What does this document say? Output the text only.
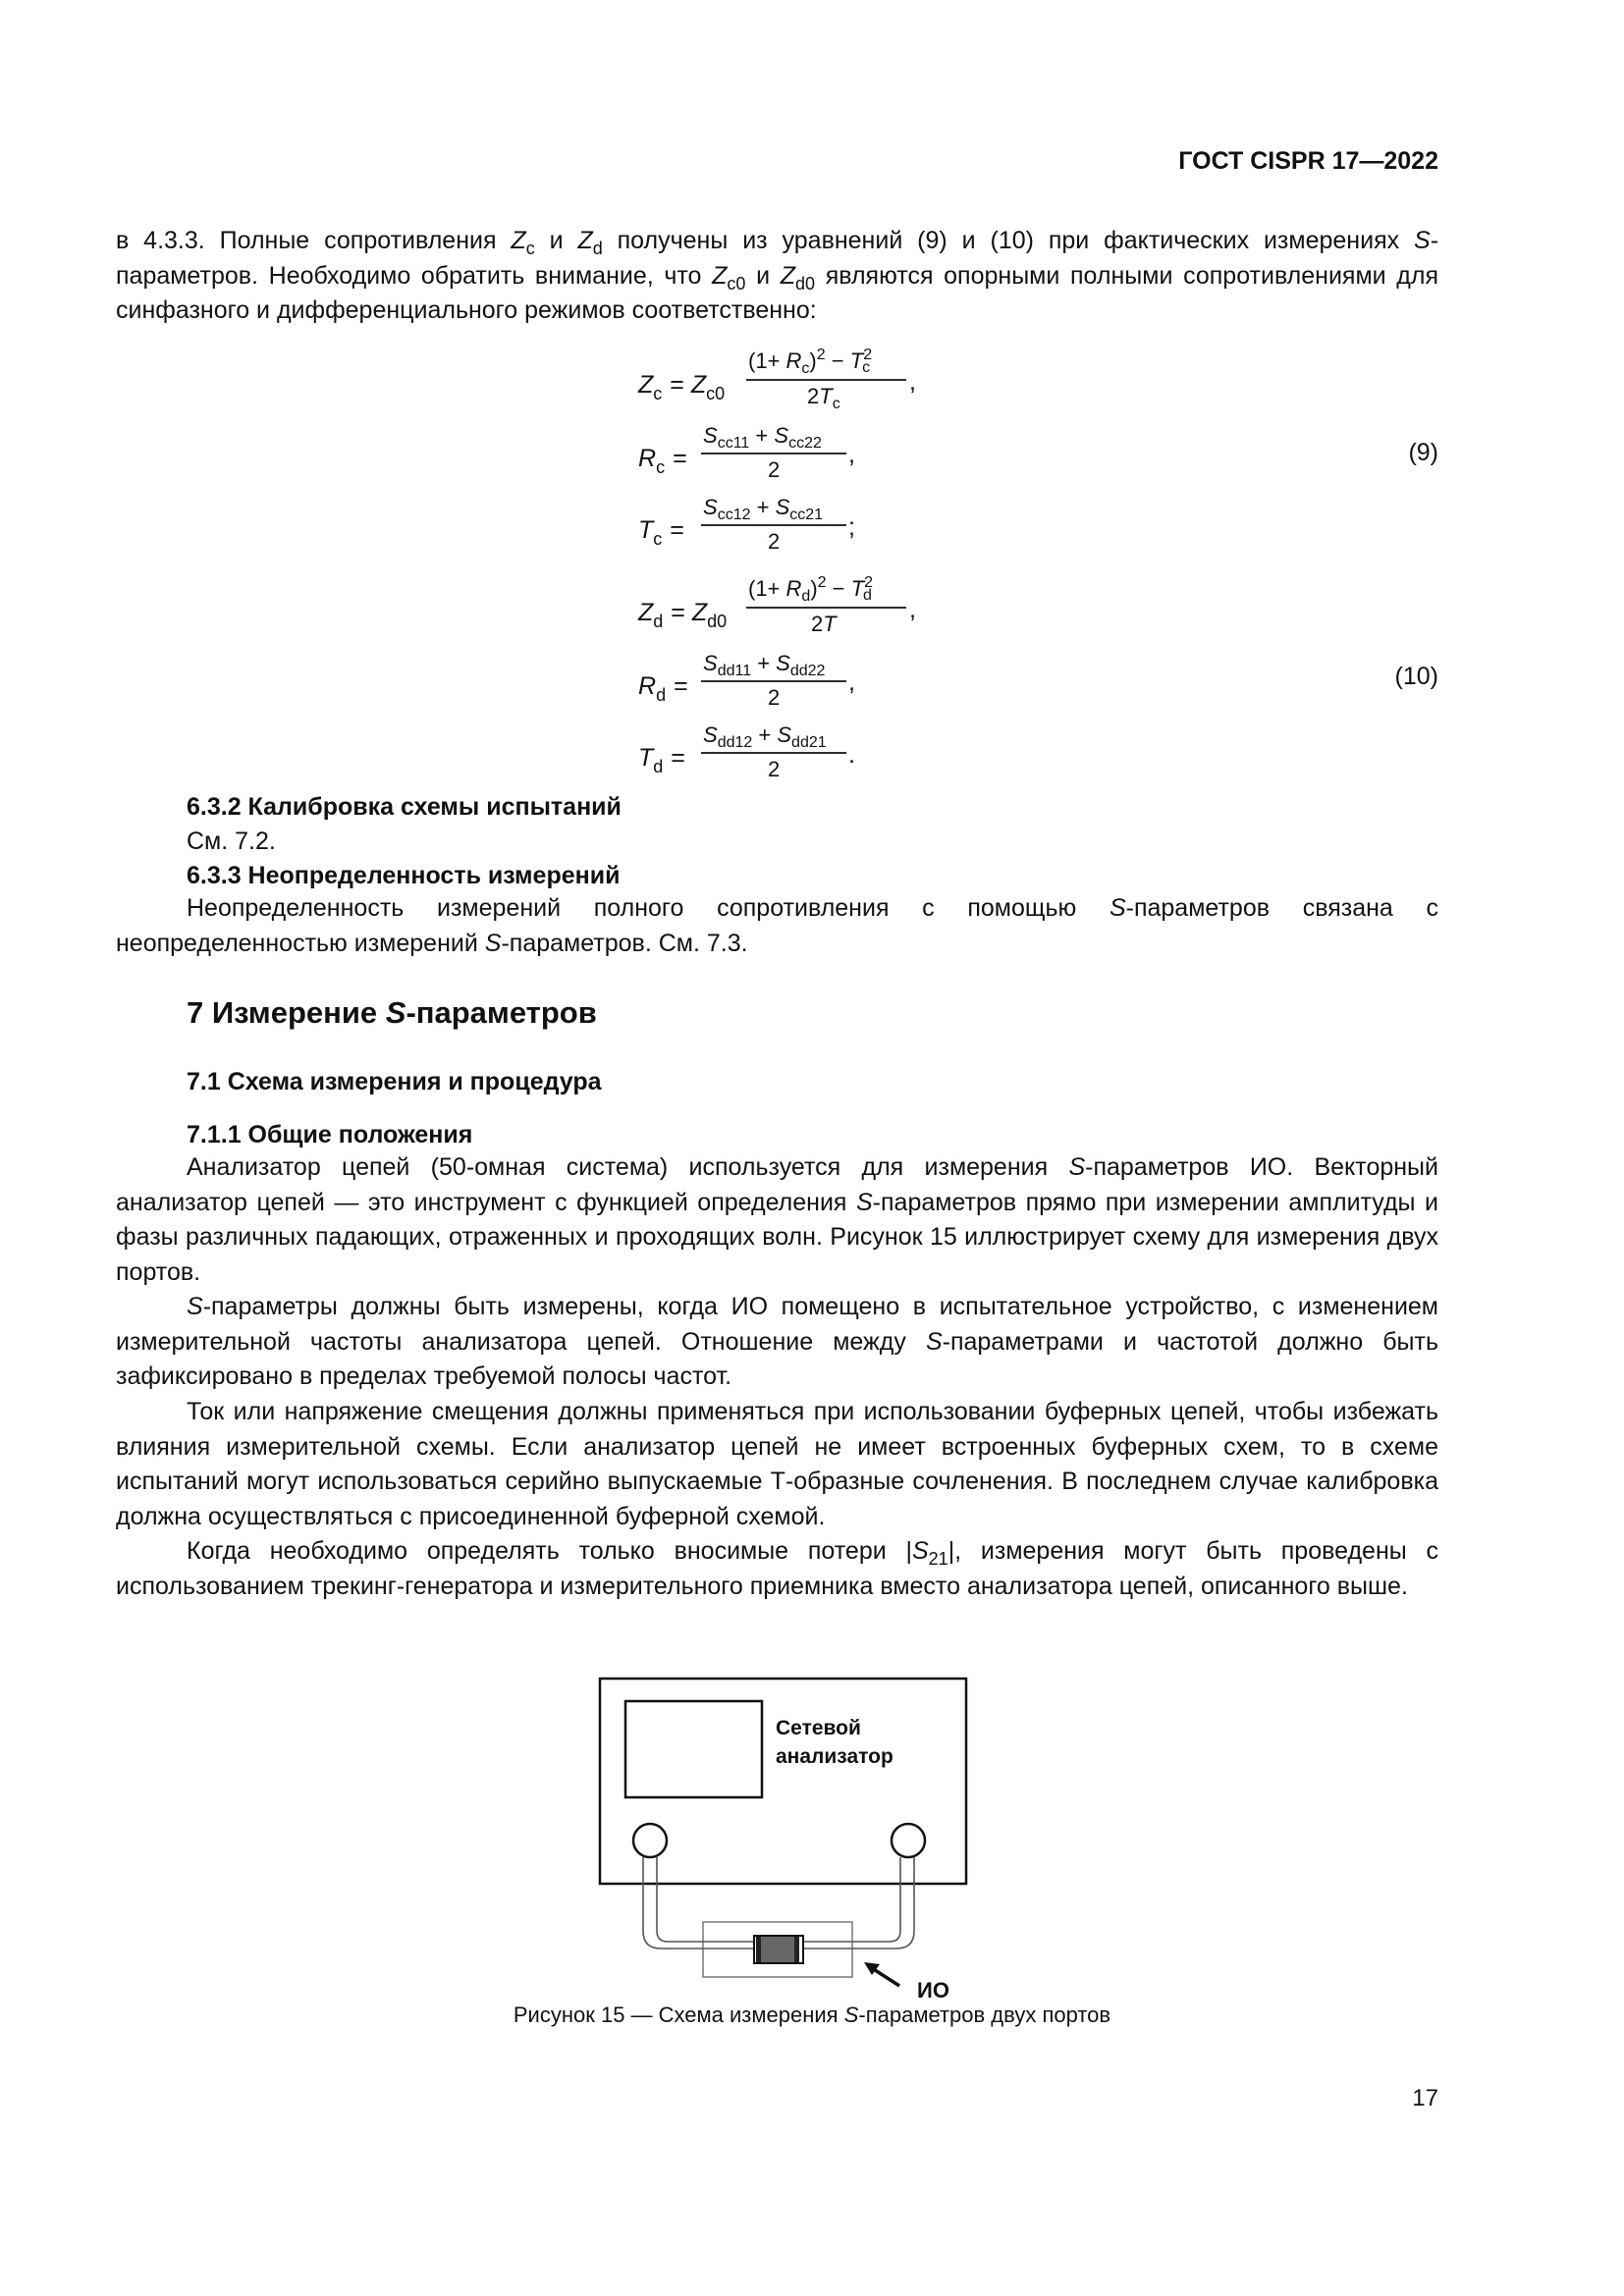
ГОСТ CISPR 17—2022

в 4.3.3. Полные сопротивления $Z_c$ и $Z_d$ получены из уравнений (9) и (10) при фактических измерениях S-параметров. Необходимо обратить внимание, что $Z_{c0}$ и $Z_{d0}$ являются опорными полными сопротивлениями для синфазного и дифференциального режимов соответственно:

$Z_c = Z_{c0}$
$(1+ R_c)^2 - T^2$ c
$2T_c$
,
$R_c$ =
$S_{cc11} + S_{cc22}$
2
,
$T_c$ =
$S_{cc12} + S_{cc21}$
2
;
(9)
$Z_d = Z_{d0}$
$(1+ R_d)^2 - T^2$ d
2T
,
$R_d$ =
$S_{dd11} + S_{dd22}$
2
,
$T_d$ =
$S_{dd12} + S_{dd21}$
2
.
(10)
6.3.2 Калибровка схемы испытаний
См. 7.2.
6.3.3 Неопределенность измерений

Неопределенность измерений полного сопротивления с помощью S-параметров связана с неопределенностью измерений S-параметров. См. 7.3.

7 Измерение S-параметров
7.1 Схема измерения и процедура
7.1.1 Общие положения

Анализатор цепей (50-омная система) используется для измерения S-параметров ИО. Векторный анализатор цепей — это инструмент с функцией определения S-параметров прямо при измерении амплитуды и фазы различных падающих, отраженных и проходящих волн. Рисунок 15 иллюстрирует схему для измерения двух портов.

S-параметры должны быть измерены, когда ИО помещено в испытательное устройство, с изменением измерительной частоты анализатора цепей. Отношение между S-параметрами и частотой должно быть зафиксировано в пределах требуемой полосы частот.

Ток или напряжение смещения должны применяться при использовании буферных цепей, чтобы избежать влияния измерительной схемы. Если анализатор цепей не имеет встроенных буферных схем, то в схеме испытаний могут использоваться серийно выпускаемые Т-образные сочленения. В последнем случае калибровка должна осуществляться с присоединенной буферной схемой.

Когда необходимо определять только вносимые потери $|S_{21}|$, измерения могут быть проведены с использованием трекинг-генератора и измерительного приемника вместо анализатора цепей, описанного выше.

Сетевой
анализатор
ИО
Рисунок 15 — Схема измерения S-параметров двух портов
17
